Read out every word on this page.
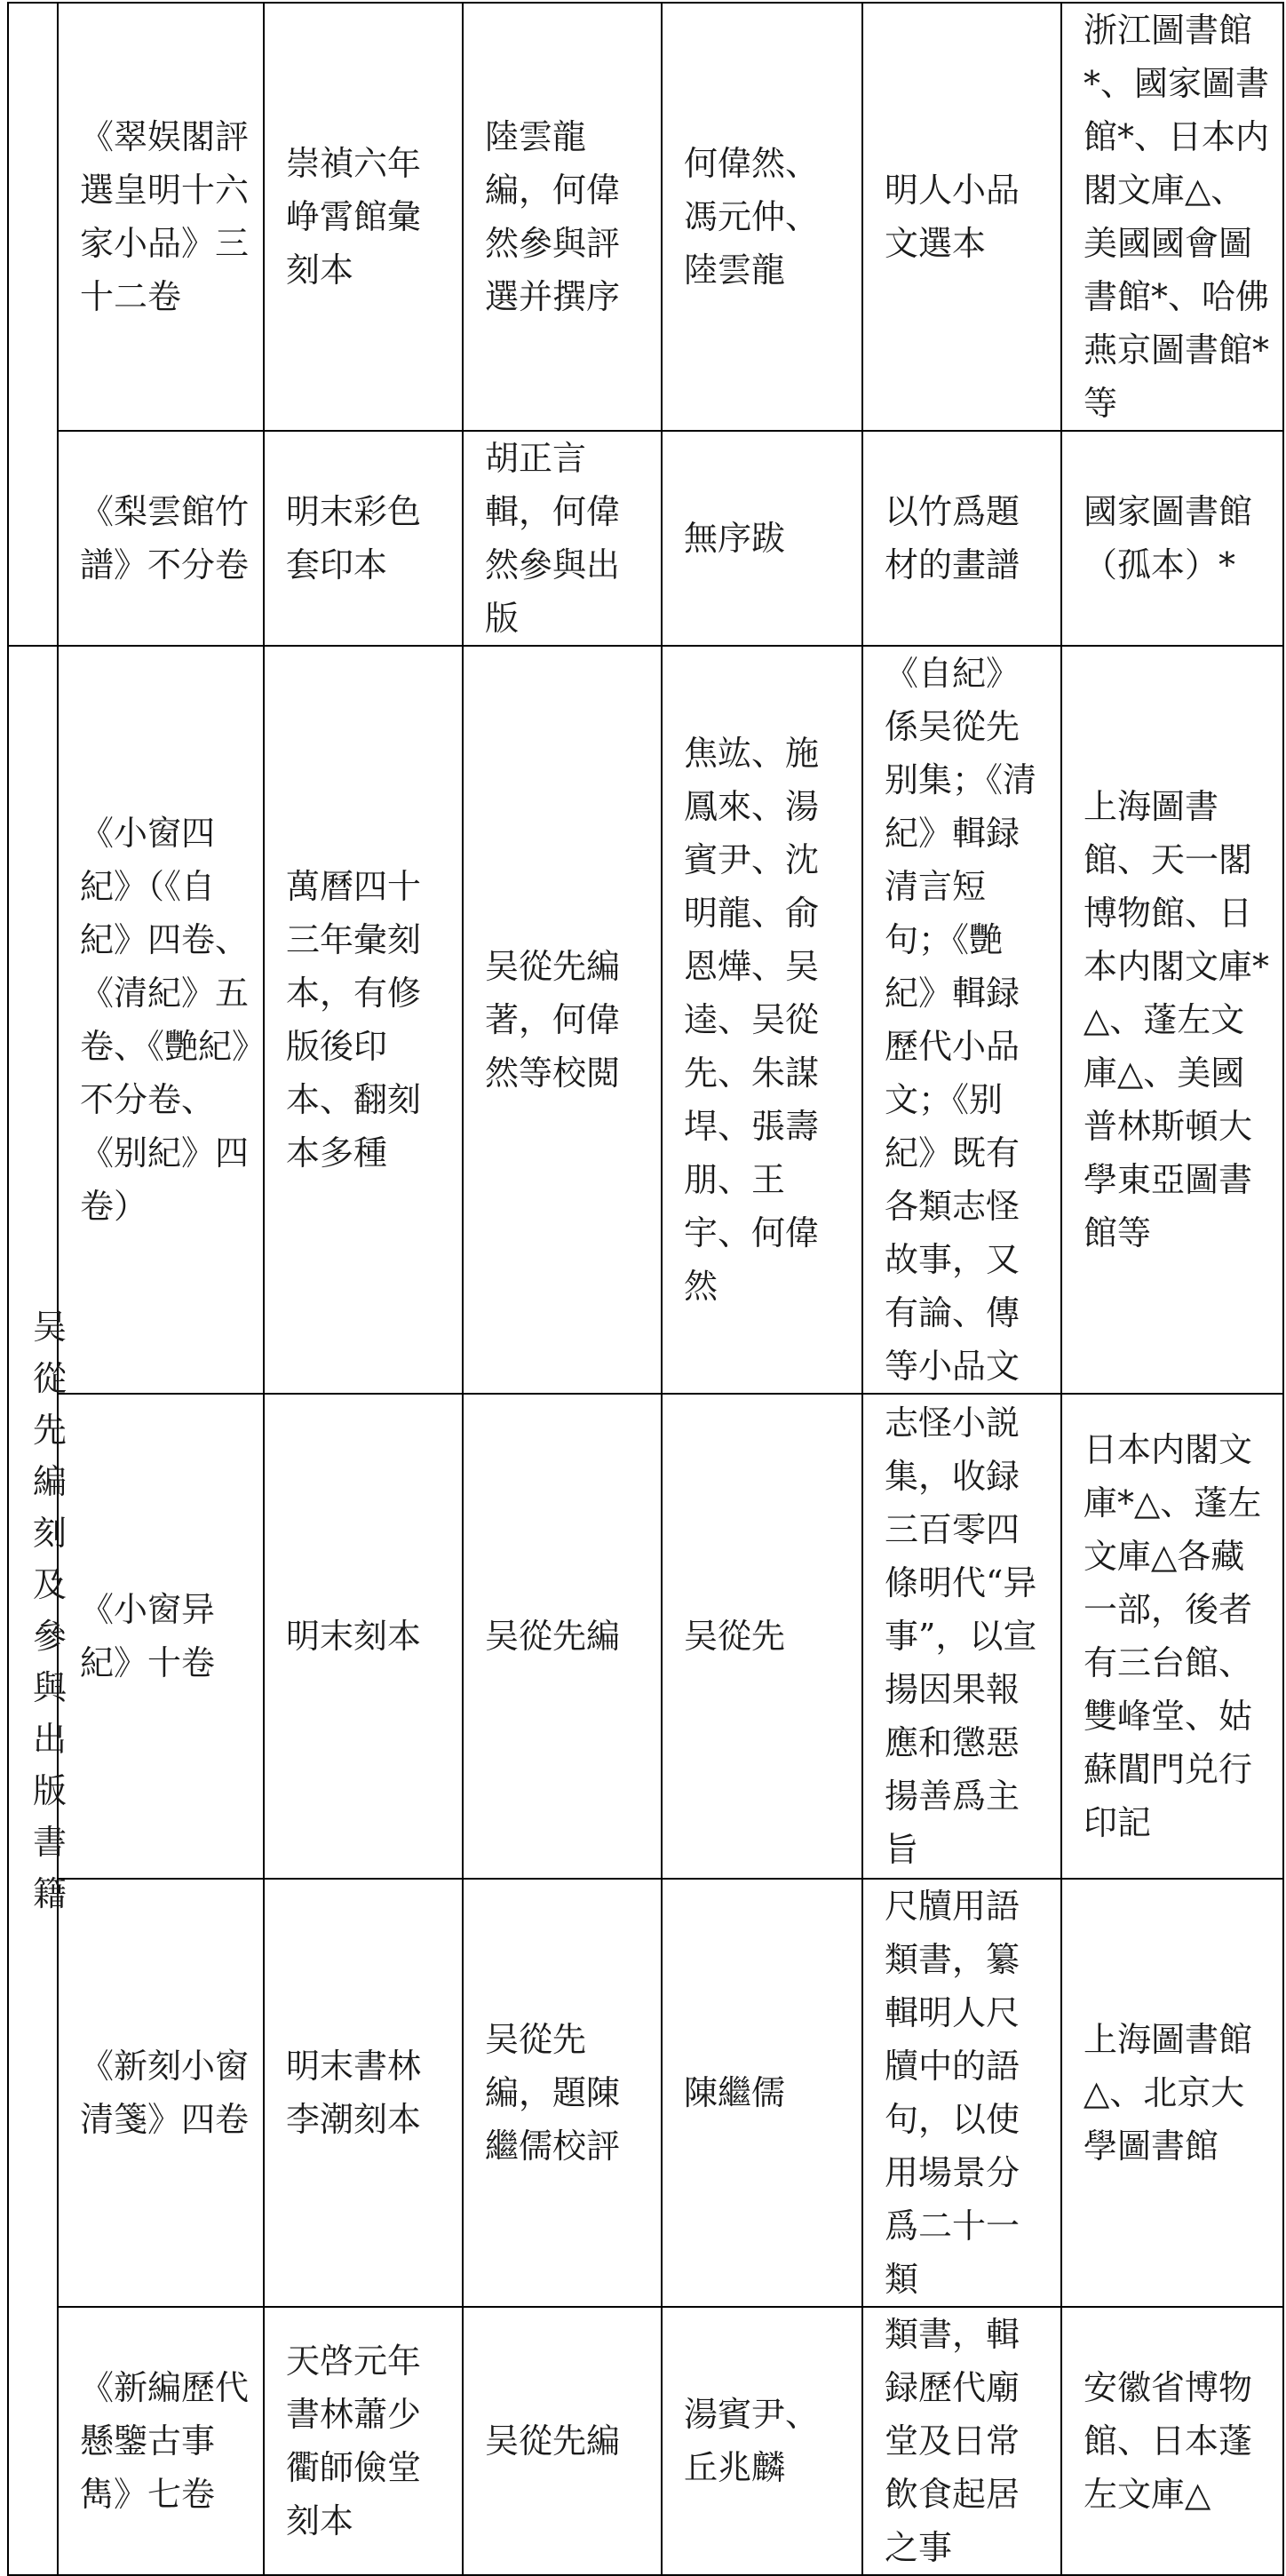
	《翠娱閣評選皇明十六家小品》三十二卷	崇禎六年峥霄館彙刻本	陸雲龍編，何偉然參與評選并撰序	何偉然、馮元仲、陸雲龍	明人小品文選本	浙江圖書館*、國家圖書館*、日本内閣文庫△、美國國會圖書館*、哈佛燕京圖書館*等
	《梨雲館竹譜》不分卷	明末彩色套印本	胡正言輯，何偉然參與出版	無序跋	以竹爲題材的畫譜	國家圖書館（孤本）*
吴從先編刻及參與出版書籍	《小窗四紀》（《自紀》四卷、《清紀》五卷、《艷紀》不分卷、《别紀》四卷）	萬曆四十三年彙刻本，有修版後印本、翻刻本多種	吴從先編著，何偉然等校閲	焦竑、施鳳來、湯賓尹、沈明龍、俞恩燁、吴逵、吴從先、朱謀垾、張壽朋、王宇、何偉然	《自紀》係吴從先别集；《清紀》輯録清言短句；《艷紀》輯録歷代小品文；《别紀》既有各類志怪故事，又有論、傳等小品文	上海圖書館、天一閣博物館、日本内閣文庫*△、蓬左文庫△、美國普林斯頓大學東亞圖書館等
	《小窗异紀》十卷	明末刻本	吴從先編	吴從先	志怪小説集，收録三百零四條明代“异事”，以宣揚因果報應和懲惡揚善爲主旨	日本内閣文庫*△、蓬左文庫△各藏一部，後者有三台館、雙峰堂、姑蘇閶門兑行印記
	《新刻小窗清箋》四卷	明末書林李潮刻本	吴從先編，題陳繼儒校評	陳繼儒	尺牘用語類書，纂輯明人尺牘中的語句，以使用場景分爲二十一類	上海圖書館△、北京大學圖書館
	《新編歷代懸鑒古事雋》七卷	天啓元年書林蕭少衢師儉堂刻本	吴從先編	湯賓尹、丘兆麟	類書，輯録歷代廟堂及日常飲食起居之事	安徽省博物館、日本蓬左文庫△
